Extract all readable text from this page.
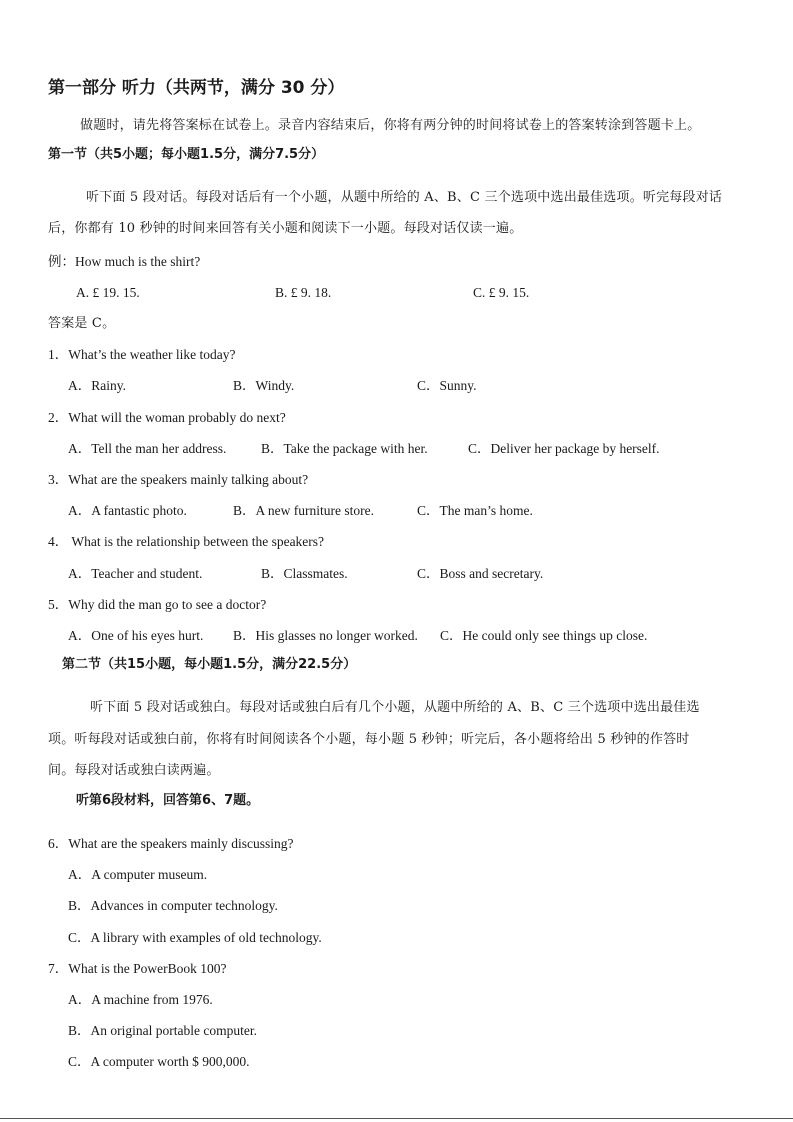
第一部分 听力（共两节，满分 30 分）
做题时，请先将答案标在试卷上。录音内容结束后，你将有两分钟的时间将试卷上的答案转涂到答题卡上。
第一节（共5小题；每小题1.5分，满分7.5分）
听下面 5 段对话。每段对话后有一个小题，从题中所给的 A、B、C 三个选项中选出最佳选项。听完每段对话
后，你都有 10 秒钟的时间来回答有关小题和阅读下一小题。每段对话仅读一遍。
例：How much is the shirt?
A. £ 19. 15.	B. £ 9. 18.	C. £ 9. 15.
答案是 C。
1．What’s the weather like today?
A．Rainy.	B．Windy.	C．Sunny.
2．What will the woman probably do next?
A．Tell the man her address.	B．Take the package with her.	C．Deliver her package by herself.
3．What are the speakers mainly talking about?
A．A fantastic photo.	B．A new furniture store.	C．The man’s home.
4． What is the relationship between the speakers?
A．Teacher and student.	B．Classmates.	C．Boss and secretary.
5．Why did the man go to see a doctor?
A．One of his eyes hurt. B．His glasses no longer worked. C．He could only see things up close.
第二节（共15小题，每小题1.5分，满分22.5分）
听下面 5 段对话或独白。每段对话或独白后有几个小题，从题中所给的 A、B、C 三个选项中选出最佳选
项。听每段对话或独白前，你将有时间阅读各个小题，每小题 5 秒钟；听完后，各小题将给出 5 秒钟的作答时
间。每段对话或独白读两遍。
听第6段材料，回答第6、7题。
6．What are the speakers mainly discussing?
A．A computer museum.
B．Advances in computer technology.
C．A library with examples of old technology.
7．What is the PowerBook 100?
A．A machine from 1976.
B．An original portable computer.
C．A computer worth $ 900,000.
